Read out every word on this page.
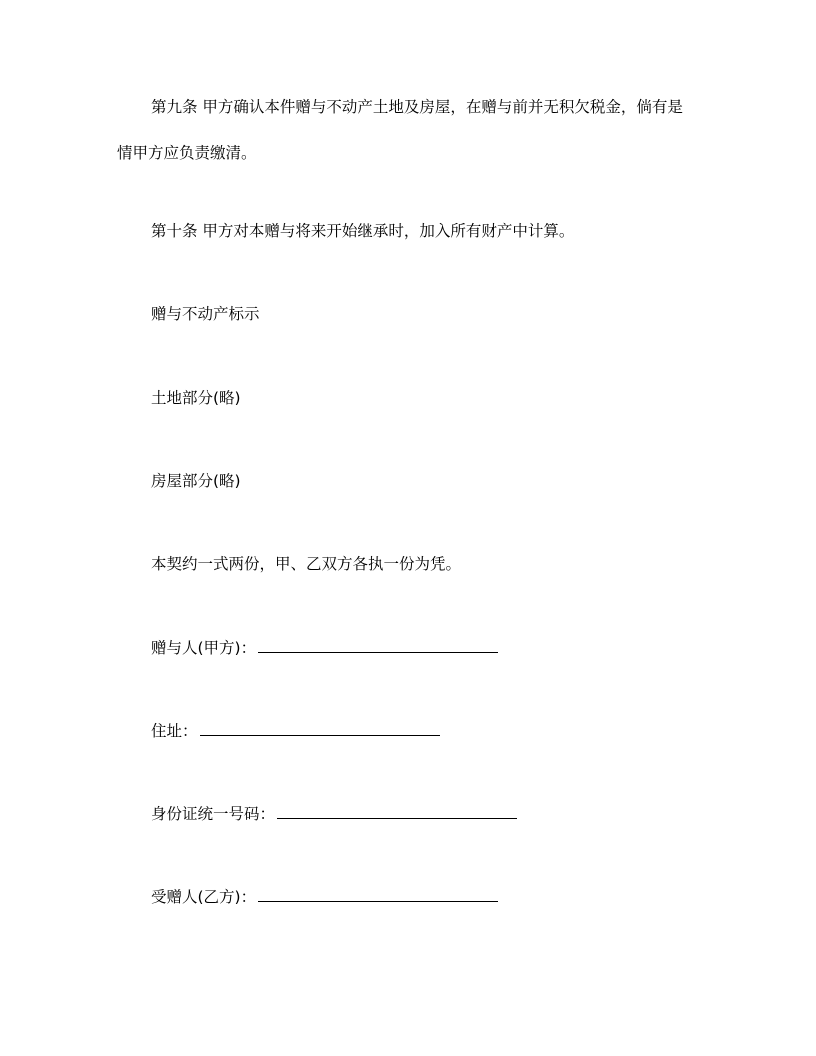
第九条 甲方确认本件赠与不动产土地及房屋，在赠与前并无积欠税金，倘有是
情甲方应负责缴清。
第十条 甲方对本赠与将来开始继承时，加入所有财产中计算。
赠与不动产标示
土地部分(略)
房屋部分(略)
本契约一式两份，甲、乙双方各执一份为凭。
赠与人(甲方)：
住址：
身份证统一号码：
受赠人(乙方)：
